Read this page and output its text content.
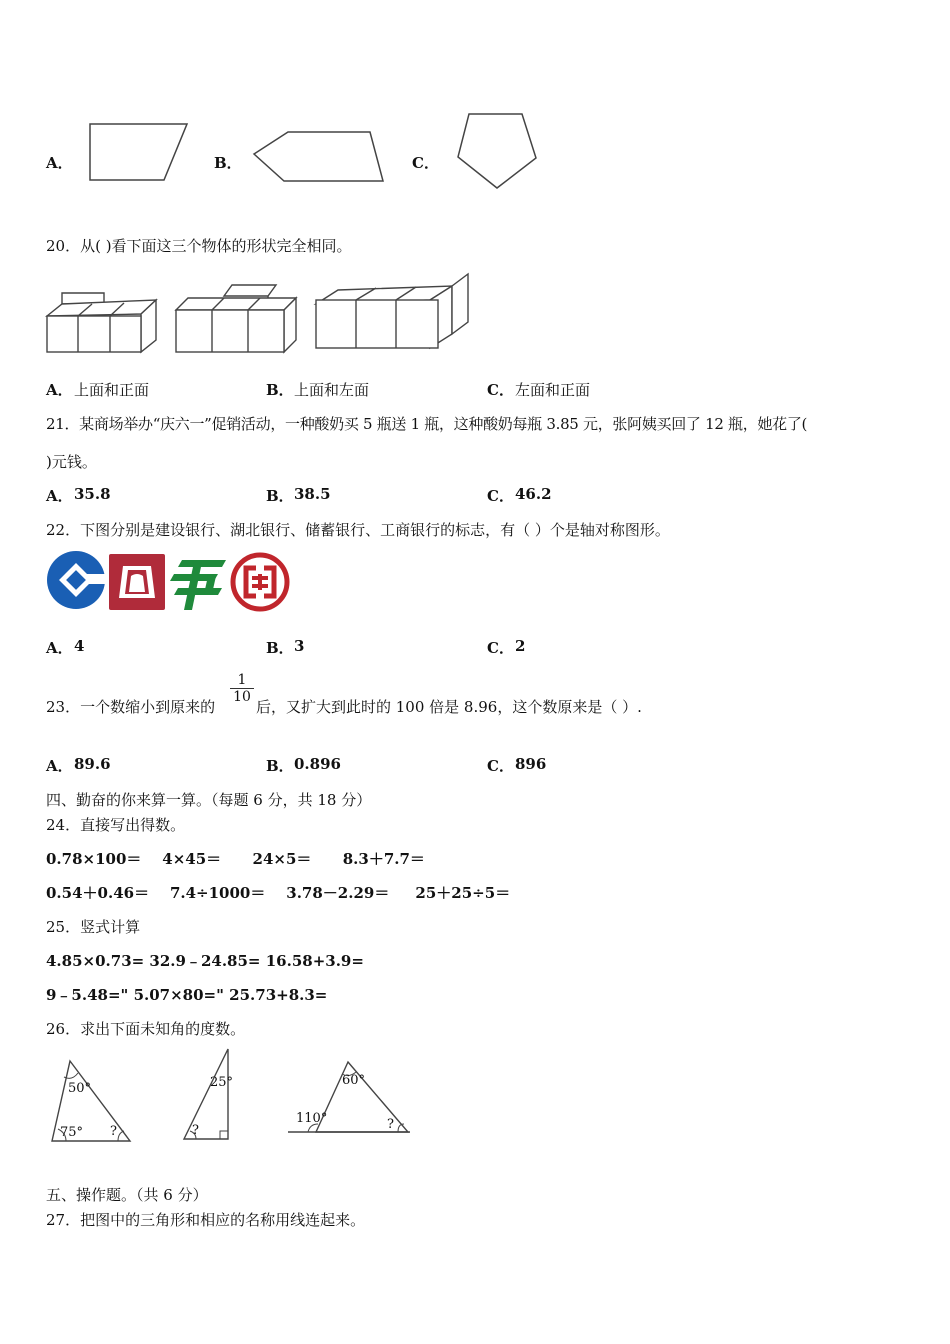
A．	B．	C．
20．从( )看下面这三个物体的形状完全相同。
A． 上面和正面	B． 上面和左面	C． 左面和正面
21．某商场举办“庆六一”促销活动，一种酸奶买 5 瓶送 1 瓶，这种酸奶每瓶 3.85 元，张阿姨买回了 12 瓶，她花了(
)元钱。
A． 35.8	B． 38.5	C． 46.2
22．下图分别是建设银行、湖北银行、储蓄银行、工商银行的标志，有（ ）个是轴对称图形。
A． 4	B． 3	C． 2
23．一个数缩小到原来的
$\frac{1}{10}$
后，又扩大到此时的 100 倍是 8.96，这个数原来是（ ）.
A． 89.6	B． 0.896	C． 896
四、勤奋的你来算一算。（每题 6 分，共 18 分）
24．直接写出得数。
0.78×100＝    4×45＝      24×5＝      8.3＋7.7＝
0.54＋0.46＝    7.4÷1000＝    3.78－2.29＝     25＋25÷5＝
25．竖式计算
4.85×0.73= 32.9﹣24.85= 16.58+3.9=
9﹣5.48=" 5.07×80=" 25.73+8.3=
26．求出下面未知角的度数。
50°
75° ?
25°
?
60°
110°	?
五、操作题。（共 6 分）
27．把图中的三角形和相应的名称用线连起来。
